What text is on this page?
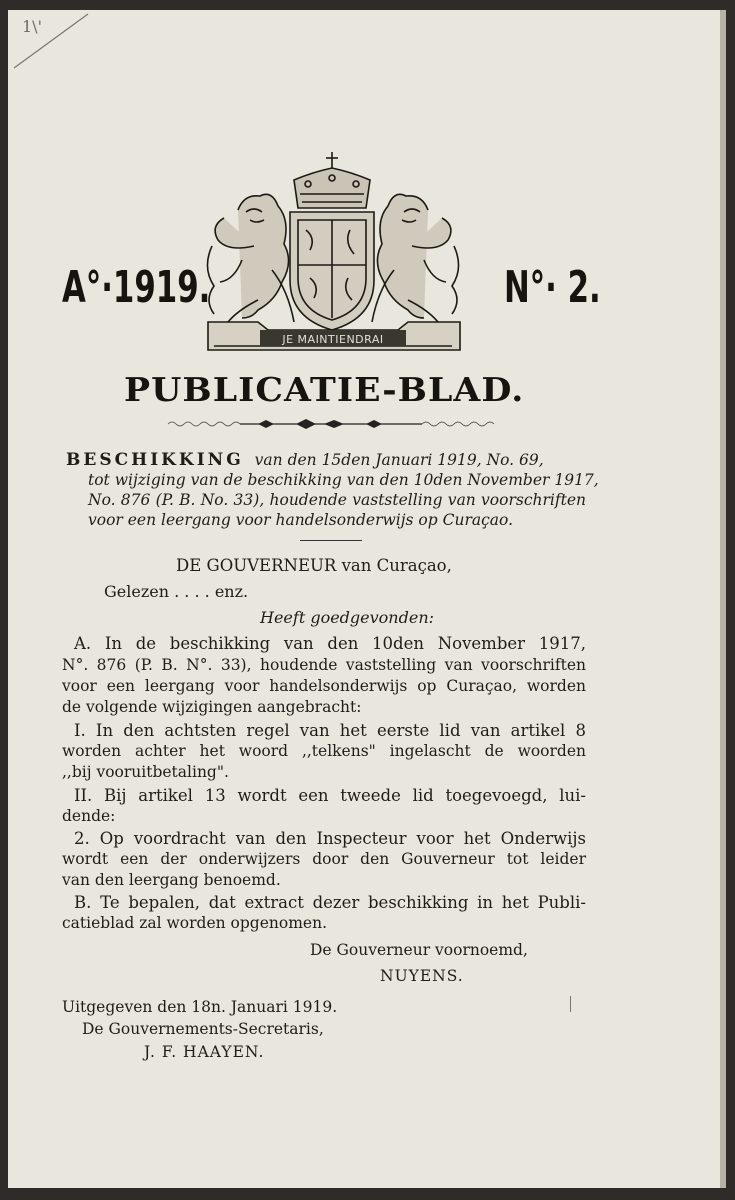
1\'
A°·1919.	N°· 2.
JE MAINTIENDRAI
PUBLICATIE-BLAD.
BESCHIKKING van den 15den Januari 1919, No. 69,
tot wijziging van de beschikking van den 10den November 1917,
No. 876 (P. B. No. 33), houdende vaststelling van voorschriften
voor een leergang voor handelsonderwijs op Curaçao.
DE GOUVERNEUR van Curaçao,
Gelezen . . . . enz.
Heeft goedgevonden:
A. In de beschikking van den 10den November 1917,
N°. 876 (P. B. N°. 33), houdende vaststelling van voorschriften
voor een leergang voor handelsonderwijs op Curaçao, worden
de volgende wijzigingen aangebracht:
I. In den achtsten regel van het eerste lid van artikel 8
worden achter het woord ,,telkens" ingelascht de woorden
,,bij vooruitbetaling".
II. Bij artikel 13 wordt een tweede lid toegevoegd, lui-
dende:
2. Op voordracht van den Inspecteur voor het Onderwijs
wordt een der onderwijzers door den Gouverneur tot leider
van den leergang benoemd.
B. Te bepalen, dat extract dezer beschikking in het Publi-
catieblad zal worden opgenomen.
De Gouverneur voornoemd,
NUYENS.
Uitgegeven den 18n. Januari 1919.
De Gouvernements-Secretaris,
J. F. HAAYEN.
